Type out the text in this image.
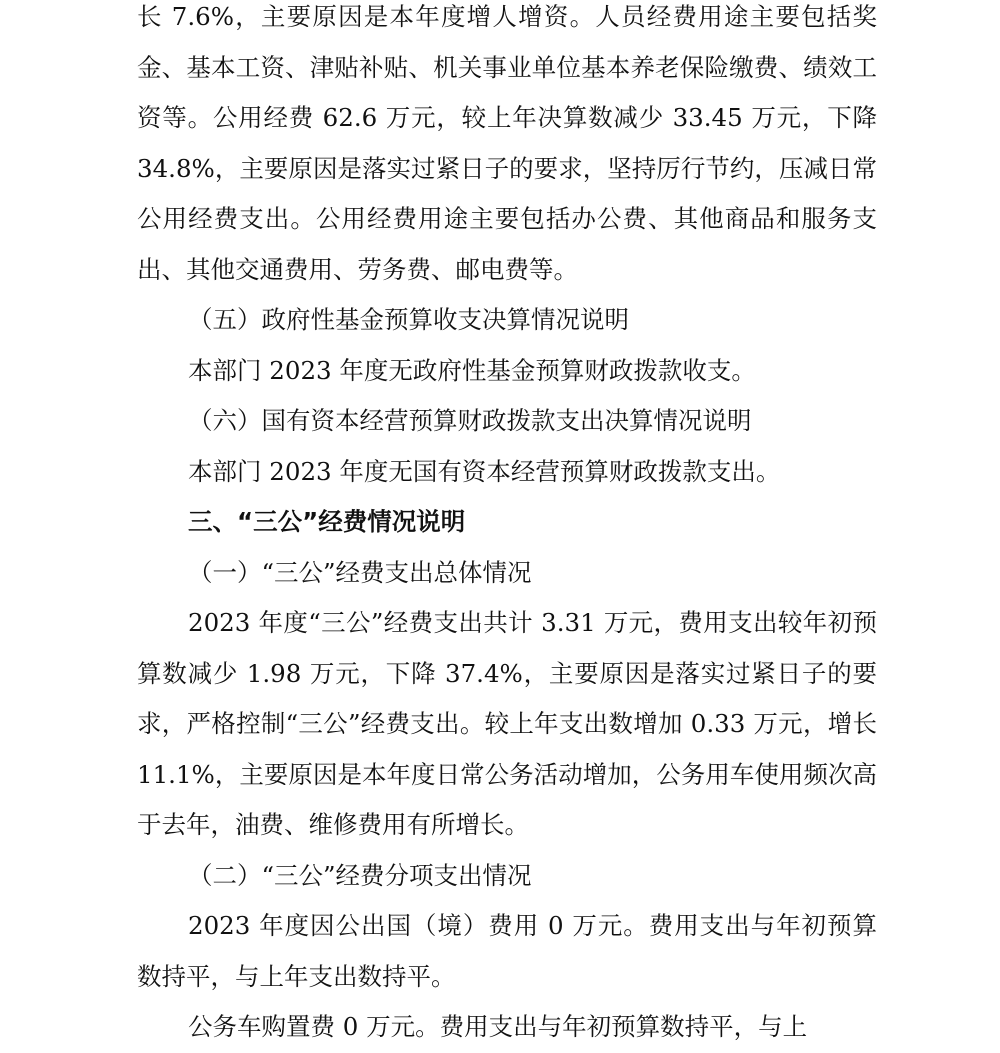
长 7.6%，主要原因是本年度增人增资。人员经费用途主要包括奖金、基本工资、津贴补贴、机关事业单位基本养老保险缴费、绩效工资等。公用经费 62.6 万元，较上年决算数减少 33.45 万元，下降 34.8%，主要原因是落实过紧日子的要求，坚持厉行节约，压减日常公用经费支出。公用经费用途主要包括办公费、其他商品和服务支出、其他交通费用、劳务费、邮电费等。

（五）政府性基金预算收支决算情况说明

本部门 2023 年度无政府性基金预算财政拨款收支。

（六）国有资本经营预算财政拨款支出决算情况说明

本部门 2023 年度无国有资本经营预算财政拨款支出。

三、“三公”经费情况说明

（一）“三公”经费支出总体情况

2023 年度“三公”经费支出共计 3.31 万元，费用支出较年初预算数减少 1.98 万元，下降 37.4%，主要原因是落实过紧日子的要求，严格控制“三公”经费支出。较上年支出数增加 0.33 万元，增长 11.1%，主要原因是本年度日常公务活动增加，公务用车使用频次高于去年，油费、维修费用有所增长。

（二）“三公”经费分项支出情况

2023 年度因公出国（境）费用 0 万元。费用支出与年初预算数持平，与上年支出数持平。

公务车购置费 0 万元。费用支出与年初预算数持平，与上
